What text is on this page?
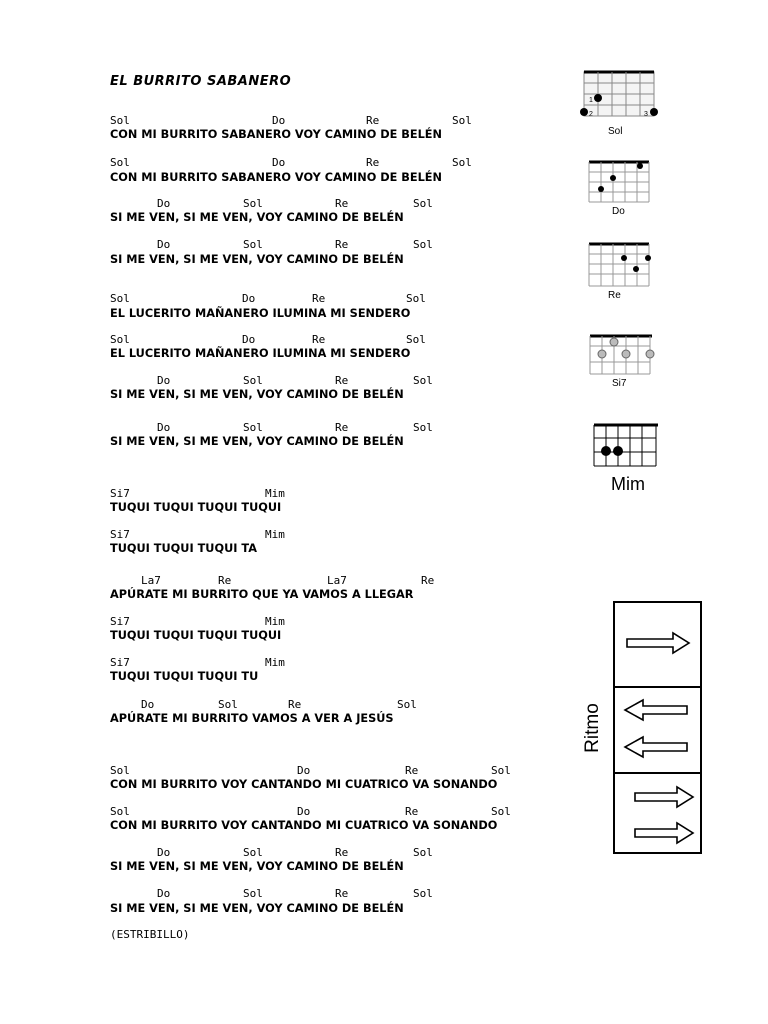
EL BURRITO SABANERO
Sol	Do	Re	Sol
CON MI BURRITO SABANERO VOY CAMINO DE BELÉN
Sol	Do	Re	Sol
CON MI BURRITO SABANERO VOY CAMINO DE BELÉN
Do	Sol	Re	Sol
SI ME VEN, SI ME VEN, VOY CAMINO DE BELÉN
Do	Sol	Re	Sol
SI ME VEN, SI ME VEN, VOY CAMINO DE BELÉN
Sol	Do	Re	Sol
EL LUCERITO MAÑANERO ILUMINA MI SENDERO
Sol	Do	Re	Sol
EL LUCERITO MAÑANERO ILUMINA MI SENDERO
Do	Sol	Re	Sol
SI ME VEN, SI ME VEN, VOY CAMINO DE BELÉN
Do	Sol	Re	Sol
SI ME VEN, SI ME VEN, VOY CAMINO DE BELÉN
Si7	Mim
TUQUI TUQUI TUQUI TUQUI
Si7	Mim
TUQUI TUQUI TUQUI TA
La7	Re	La7	Re
APÚRATE MI BURRITO QUE YA VAMOS A LLEGAR
Si7	Mim
TUQUI TUQUI TUQUI TUQUI
Si7	Mim
TUQUI TUQUI TUQUI TU
Do	Sol	Re	Sol
APÚRATE MI BURRITO VAMOS A VER A JESÚS
Sol	Do	Re	Sol
CON MI BURRITO VOY CANTANDO MI CUATRICO VA SONANDO
Sol	Do	Re	Sol
CON MI BURRITO VOY CANTANDO MI CUATRICO VA SONANDO
Do	Sol	Re	Sol
SI ME VEN, SI ME VEN, VOY CAMINO DE BELÉN
Do	Sol	Re	Sol
SI ME VEN, SI ME VEN, VOY CAMINO DE BELÉN
(ESTRIBILLO)
1
2	3
Sol
Do
Re
Si7
Mim
Ritmo
